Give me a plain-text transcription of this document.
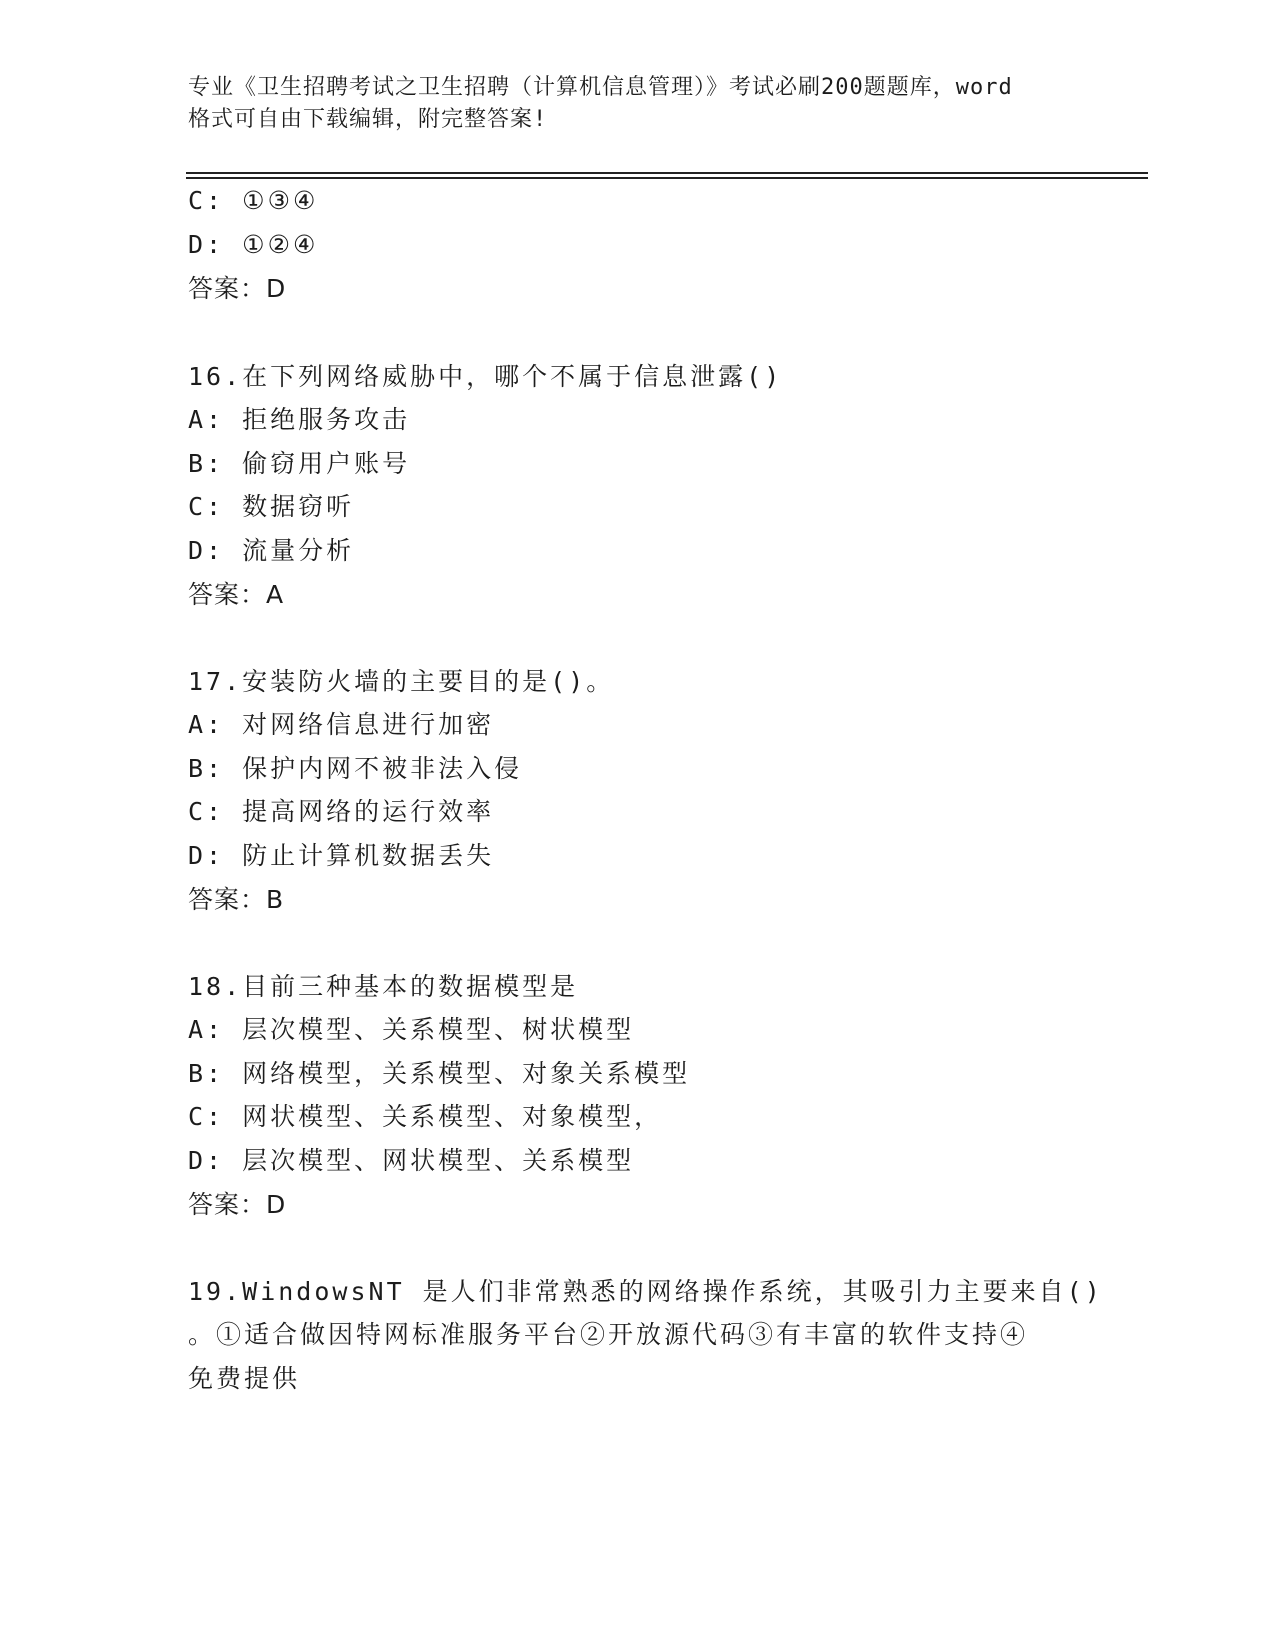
专业《卫生招聘考试之卫生招聘（计算机信息管理）》考试必刷200题题库，word
格式可自由下载编辑，附完整答案!
C: ①③④
D: ①②④
答案：D
16.在下列网络威胁中，哪个不属于信息泄露()
A: 拒绝服务攻击
B: 偷窃用户账号
C: 数据窃听
D: 流量分析
答案：A
17.安装防火墙的主要目的是()。
A: 对网络信息进行加密
B: 保护内网不被非法入侵
C: 提高网络的运行效率
D: 防止计算机数据丢失
答案：B
18.目前三种基本的数据模型是
A: 层次模型、关系模型、树状模型
B: 网络模型，关系模型、对象关系模型
C: 网状模型、关系模型、对象模型，
D: 层次模型、网状模型、关系模型
答案：D
19.WindowsNT 是人们非常熟悉的网络操作系统，其吸引力主要来自()
。①适合做因特网标准服务平台②开放源代码③有丰富的软件支持④
免费提供
